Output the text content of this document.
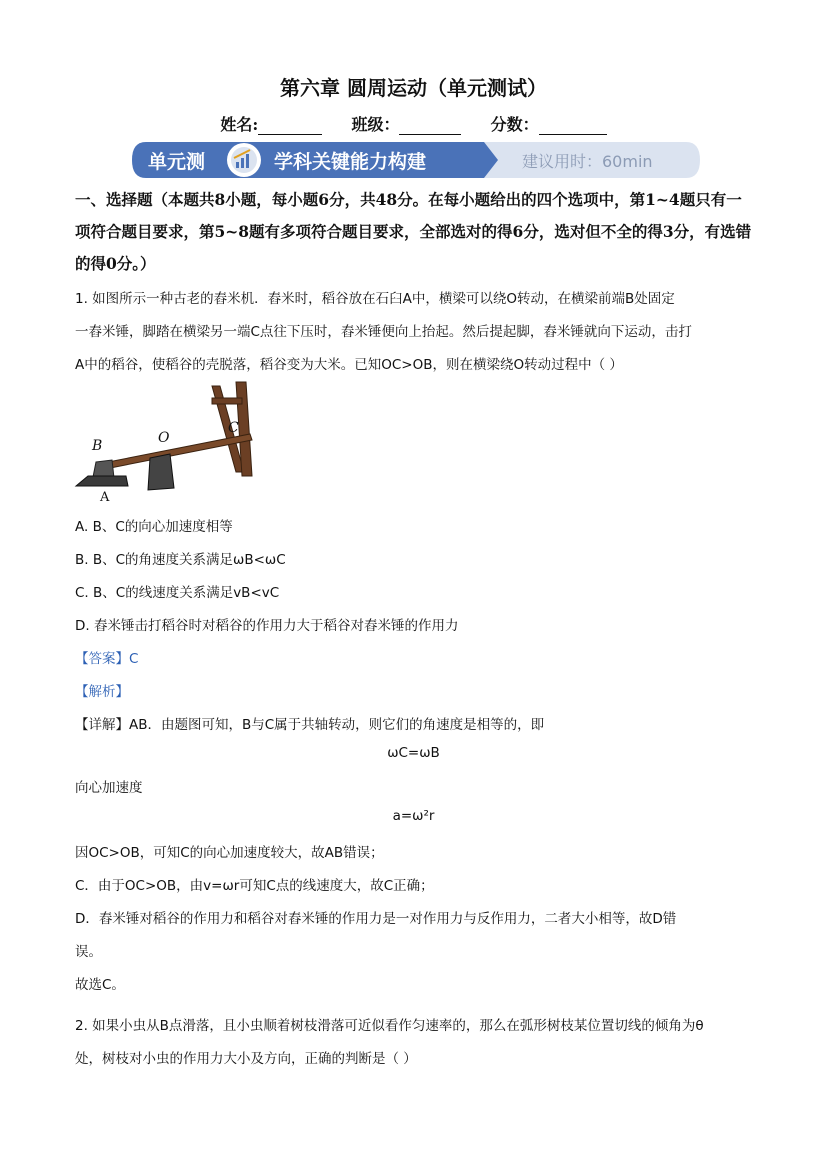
第六章 圆周运动（单元测试）
姓名:	班级：	分数：
单元测	学科关键能力构建	建议用时：60min
一、选择题（本题共8小题，每小题6分，共48分。在每小题给出的四个选项中，第1~4题只有一项符合题目要求，第5~8题有多项符合题目要求，全部选对的得6分，选对但不全的得3分，有选错的得0分。）
1. 如图所示一种古老的舂米机．舂米时，稻谷放在石臼A中，横梁可以绕O转动，在横梁前端B处固定
一舂米锤，脚踏在横梁另一端C点往下压时，舂米锤便向上抬起。然后提起脚，舂米锤就向下运动，击打
A中的稻谷，使稻谷的壳脱落，稻谷变为大米。已知OC>OB，则在横梁绕O转动过程中（ ）
B	O
C
A
A. B、C的向心加速度相等
B. B、C的角速度关系满足ωB<ωC
C. B、C的线速度关系满足vB<vC
D. 舂米锤击打稻谷时对稻谷的作用力大于稻谷对舂米锤的作用力
【答案】C
【解析】
【详解】AB．由题图可知，B与C属于共轴转动，则它们的角速度是相等的，即
ωC=ωB
向心加速度
a=ω²r
因OC>OB，可知C的向心加速度较大，故AB错误；
C．由于OC>OB，由v=ωr可知C点的线速度大，故C正确；
D．舂米锤对稻谷的作用力和稻谷对舂米锤的作用力是一对作用力与反作用力，二者大小相等，故D错
误。
故选C。
2. 如果小虫从B点滑落，且小虫顺着树枝滑落可近似看作匀速率的，那么在弧形树枝某位置切线的倾角为θ
处，树枝对小虫的作用力大小及方向，正确的判断是（ ）
